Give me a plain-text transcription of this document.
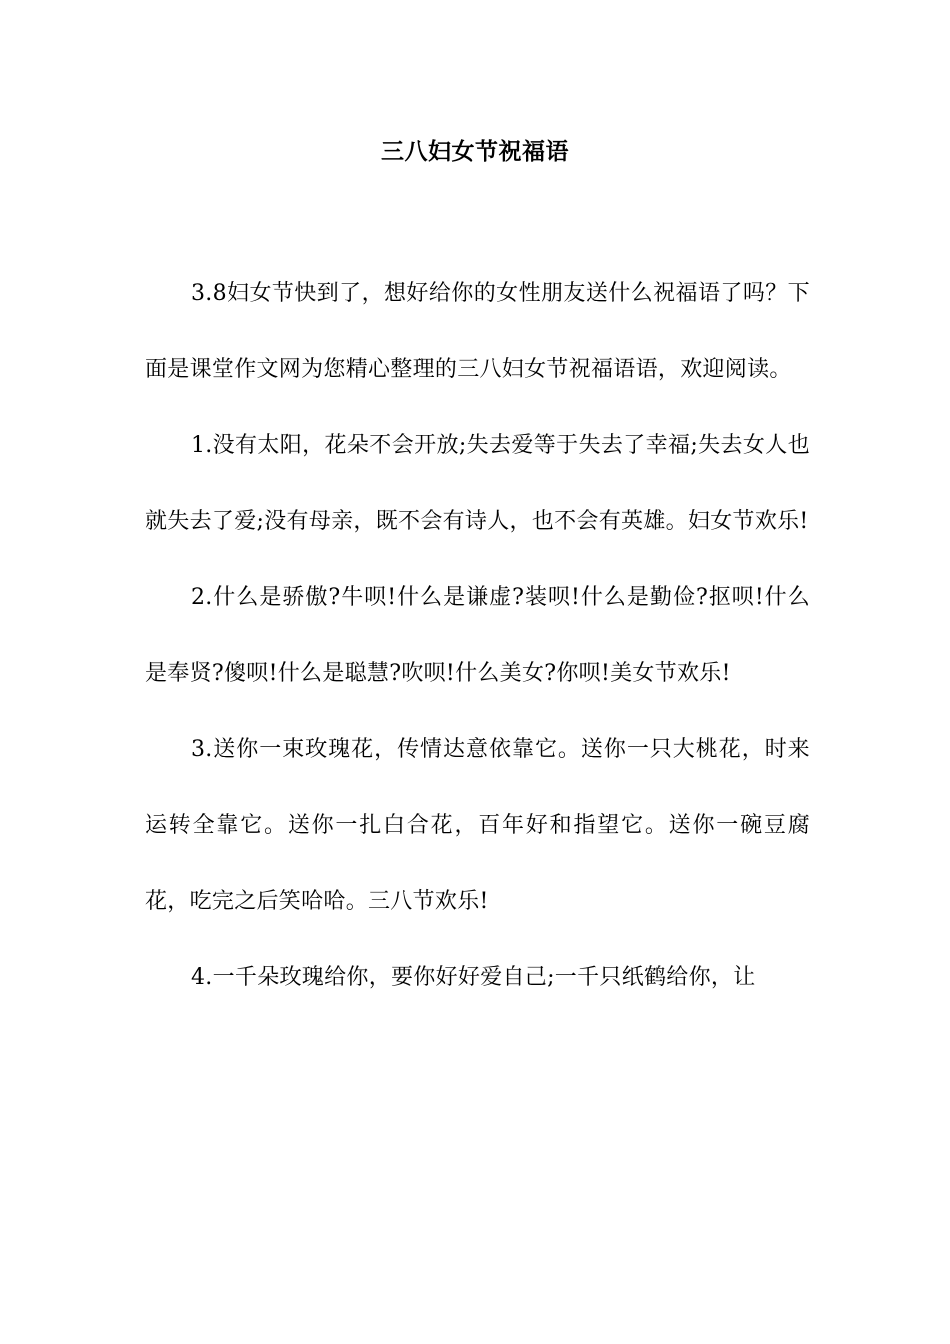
三八妇女节祝福语

3.8妇女节快到了，想好给你的女性朋友送什么祝福语了吗？下面是课堂作文网为您精心整理的三八妇女节祝福语语，欢迎阅读。

1.没有太阳，花朵不会开放;失去爱等于失去了幸福;失去女人也就失去了爱;没有母亲，既不会有诗人，也不会有英雄。妇女节欢乐!

2.什么是骄傲?牛呗!什么是谦虚?装呗!什么是勤俭?抠呗!什么是奉贤?傻呗!什么是聪慧?吹呗!什么美女?你呗!美女节欢乐!

3.送你一束玫瑰花，传情达意依靠它。送你一只大桃花，时来运转全靠它。送你一扎白合花，百年好和指望它。送你一碗豆腐花，吃完之后笑哈哈。三八节欢乐!

4.一千朵玫瑰给你，要你好好爱自己;一千只纸鹤给你，让
